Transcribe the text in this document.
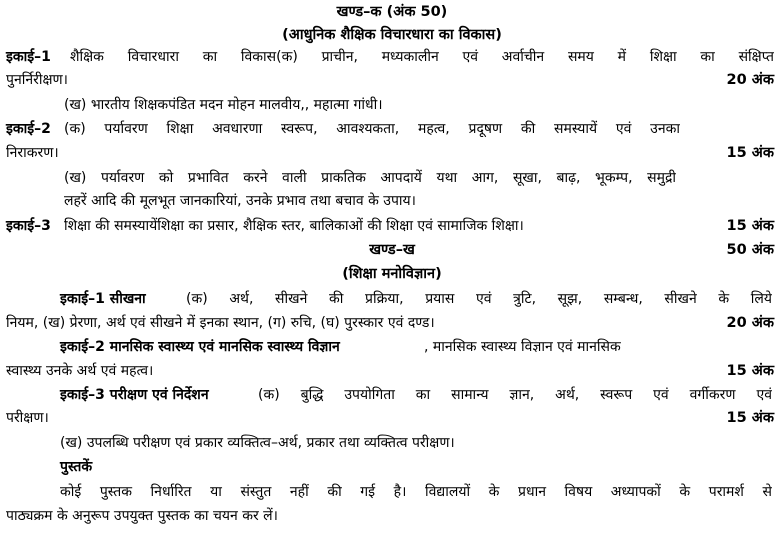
खण्ड–क (अंक 50)
(आधुनिक शैक्षिक विचारधारा का विकास)
इकाई–1 शैक्षिक विचारधारा का विकास(क) प्राचीन, मध्यकालीन एवं अर्वाचीन समय में शिक्षा का संक्षिप्त
पुनर्निरीक्षण।	20 अंक
(ख) भारतीय शिक्षकपंडित मदन मोहन मालवीय,, महात्मा गांधी।
इकाई–2 (क) पर्यावरण शिक्षा अवधारणा स्वरूप, आवश्यकता, महत्व, प्रदूषण की समस्यायें एवं उनका
निराकरण।	15 अंक
(ख) पर्यावरण को प्रभावित करने वाली प्राकतिक आपदायें यथा आग, सूखा, बाढ़, भूकम्प, समुद्री
लहरें आदि की मूलभूत जानकारियां, उनके प्रभाव तथा बचाव के उपाय।
इकाई–3 शिक्षा की समस्यायेंशिक्षा का प्रसार, शैक्षिक स्तर, बालिकाओं की शिक्षा एवं सामाजिक शिक्षा।	15 अंक
खण्ड–ख	50 अंक
(शिक्षा मनोविज्ञान)
इकाई–1 सीखना	(क) अर्थ, सीखने की प्रक्रिया, प्रयास एवं त्रुटि, सूझ, सम्बन्ध, सीखने के लिये
नियम, (ख) प्रेरणा, अर्थ एवं सीखने में इनका स्थान, (ग) रुचि, (घ) पुरस्कार एवं दण्ड।	20 अंक
इकाई–2 मानसिक स्वास्थ्य एवं मानसिक स्वास्थ्य विज्ञान	, मानसिक स्वास्थ्य विज्ञान एवं मानसिक
स्वास्थ्य उनके अर्थ एवं महत्व।	15 अंक
इकाई–3 परीक्षण एवं निर्देशन	(क) बुद्धि उपयोगिता का सामान्य ज्ञान, अर्थ, स्वरूप एवं वर्गीकरण एवं
परीक्षण।	15 अंक
(ख) उपलब्धि परीक्षण एवं प्रकार व्यक्तित्व–अर्थ, प्रकार तथा व्यक्तित्व परीक्षण।
पुस्तकें
कोई पुस्तक निर्धारित या संस्तुत नहीं की गई है। विद्यालयों के प्रधान विषय अध्यापकों के परामर्श से
पाठ्यक्रम के अनुरूप उपयुक्त पुस्तक का चयन कर लें।
